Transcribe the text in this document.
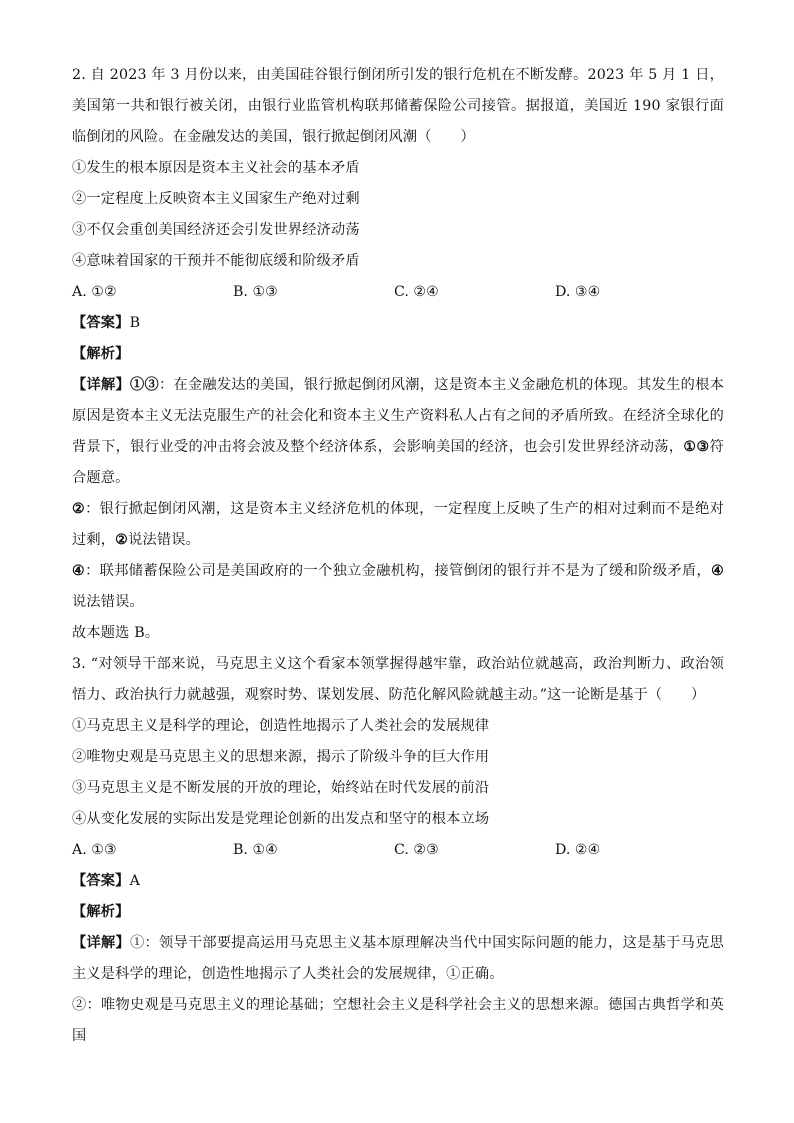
2. 自 2023 年 3 月份以来，由美国硅谷银行倒闭所引发的银行危机在不断发酵。2023 年 5 月 1 日，美国第一共和银行被关闭，由银行业监管机构联邦储蓄保险公司接管。据报道，美国近 190 家银行面临倒闭的风险。在金融发达的美国，银行掀起倒闭风潮（　　）

①发生的根本原因是资本主义社会的基本矛盾
②一定程度上反映资本主义国家生产绝对过剩
③不仅会重创美国经济还会引发世界经济动荡
④意味着国家的干预并不能彻底缓和阶级矛盾
A. ①②	B. ①③	C. ②④	D. ③④
【答案】B
【解析】

【详解】①③：在金融发达的美国，银行掀起倒闭风潮，这是资本主义金融危机的体现。其发生的根本原因是资本主义无法克服生产的社会化和资本主义生产资料私人占有之间的矛盾所致。在经济全球化的背景下，银行业受的冲击将会波及整个经济体系，会影响美国的经济，也会引发世界经济动荡，①③符合题意。

②：银行掀起倒闭风潮，这是资本主义经济危机的体现，一定程度上反映了生产的相对过剩而不是绝对过剩，②说法错误。

④：联邦储蓄保险公司是美国政府的一个独立金融机构，接管倒闭的银行并不是为了缓和阶级矛盾，④说法错误。

故本题选 B。

3. “对领导干部来说，马克思主义这个看家本领掌握得越牢靠，政治站位就越高，政治判断力、政治领悟力、政治执行力就越强，观察时势、谋划发展、防范化解风险就越主动。”这一论断是基于（　　）

①马克思主义是科学的理论，创造性地揭示了人类社会的发展规律
②唯物史观是马克思主义的思想来源，揭示了阶级斗争的巨大作用
③马克思主义是不断发展的开放的理论，始终站在时代发展的前沿
④从变化发展的实际出发是党理论创新的出发点和坚守的根本立场
A. ①③	B. ①④	C. ②③	D. ②④
【答案】A
【解析】

【详解】①：领导干部要提高运用马克思主义基本原理解决当代中国实际问题的能力，这是基于马克思主义是科学的理论，创造性地揭示了人类社会的发展规律，①正确。

②：唯物史观是马克思主义的理论基础；空想社会主义是科学社会主义的思想来源。德国古典哲学和英国
